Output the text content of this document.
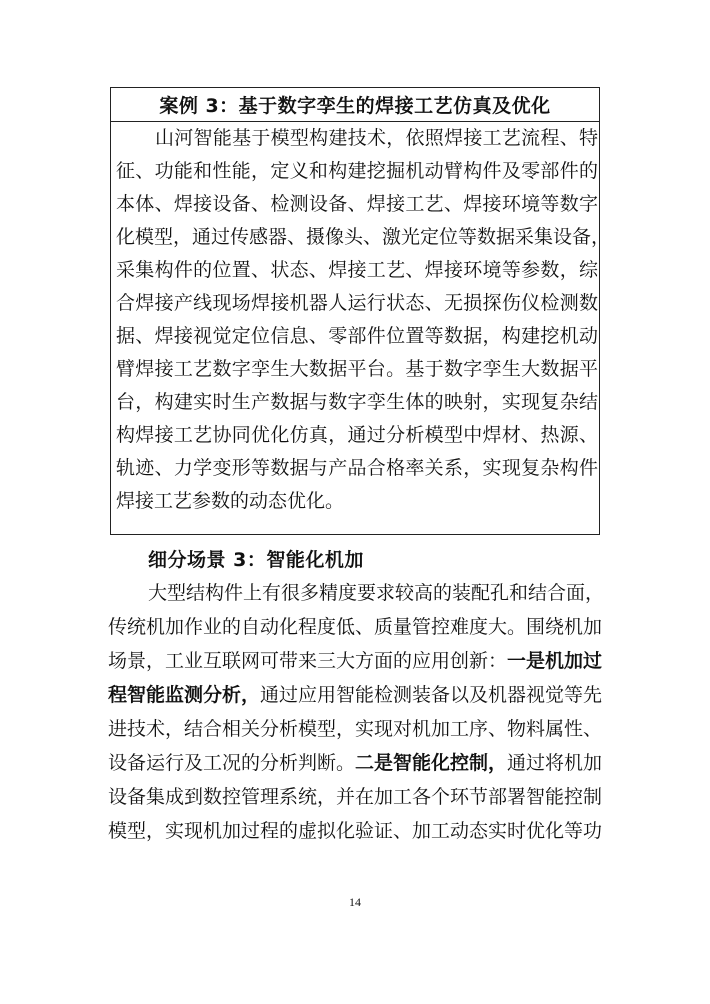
案例 3：基于数字孪生的焊接工艺仿真及优化
山河智能基于模型构建技术，依照焊接工艺流程、特
征、功能和性能，定义和构建挖掘机动臂构件及零部件的
本体、焊接设备、检测设备、焊接工艺、焊接环境等数字
化模型，通过传感器、摄像头、激光定位等数据采集设备，
采集构件的位置、状态、焊接工艺、焊接环境等参数，综
合焊接产线现场焊接机器人运行状态、无损探伤仪检测数
据、焊接视觉定位信息、零部件位置等数据，构建挖机动
臂焊接工艺数字孪生大数据平台。基于数字孪生大数据平
台，构建实时生产数据与数字孪生体的映射，实现复杂结
构焊接工艺协同优化仿真，通过分析模型中焊材、热源、
轨迹、力学变形等数据与产品合格率关系，实现复杂构件
焊接工艺参数的动态优化。
细分场景 3：智能化机加
大型结构件上有很多精度要求较高的装配孔和结合面，
传统机加作业的自动化程度低、质量管控难度大。围绕机加
场景，工业互联网可带来三大方面的应用创新：一是机加过
程智能监测分析，通过应用智能检测装备以及机器视觉等先
进技术，结合相关分析模型，实现对机加工序、物料属性、
设备运行及工况的分析判断。二是智能化控制，通过将机加
设备集成到数控管理系统，并在加工各个环节部署智能控制
模型，实现机加过程的虚拟化验证、加工动态实时优化等功
14
